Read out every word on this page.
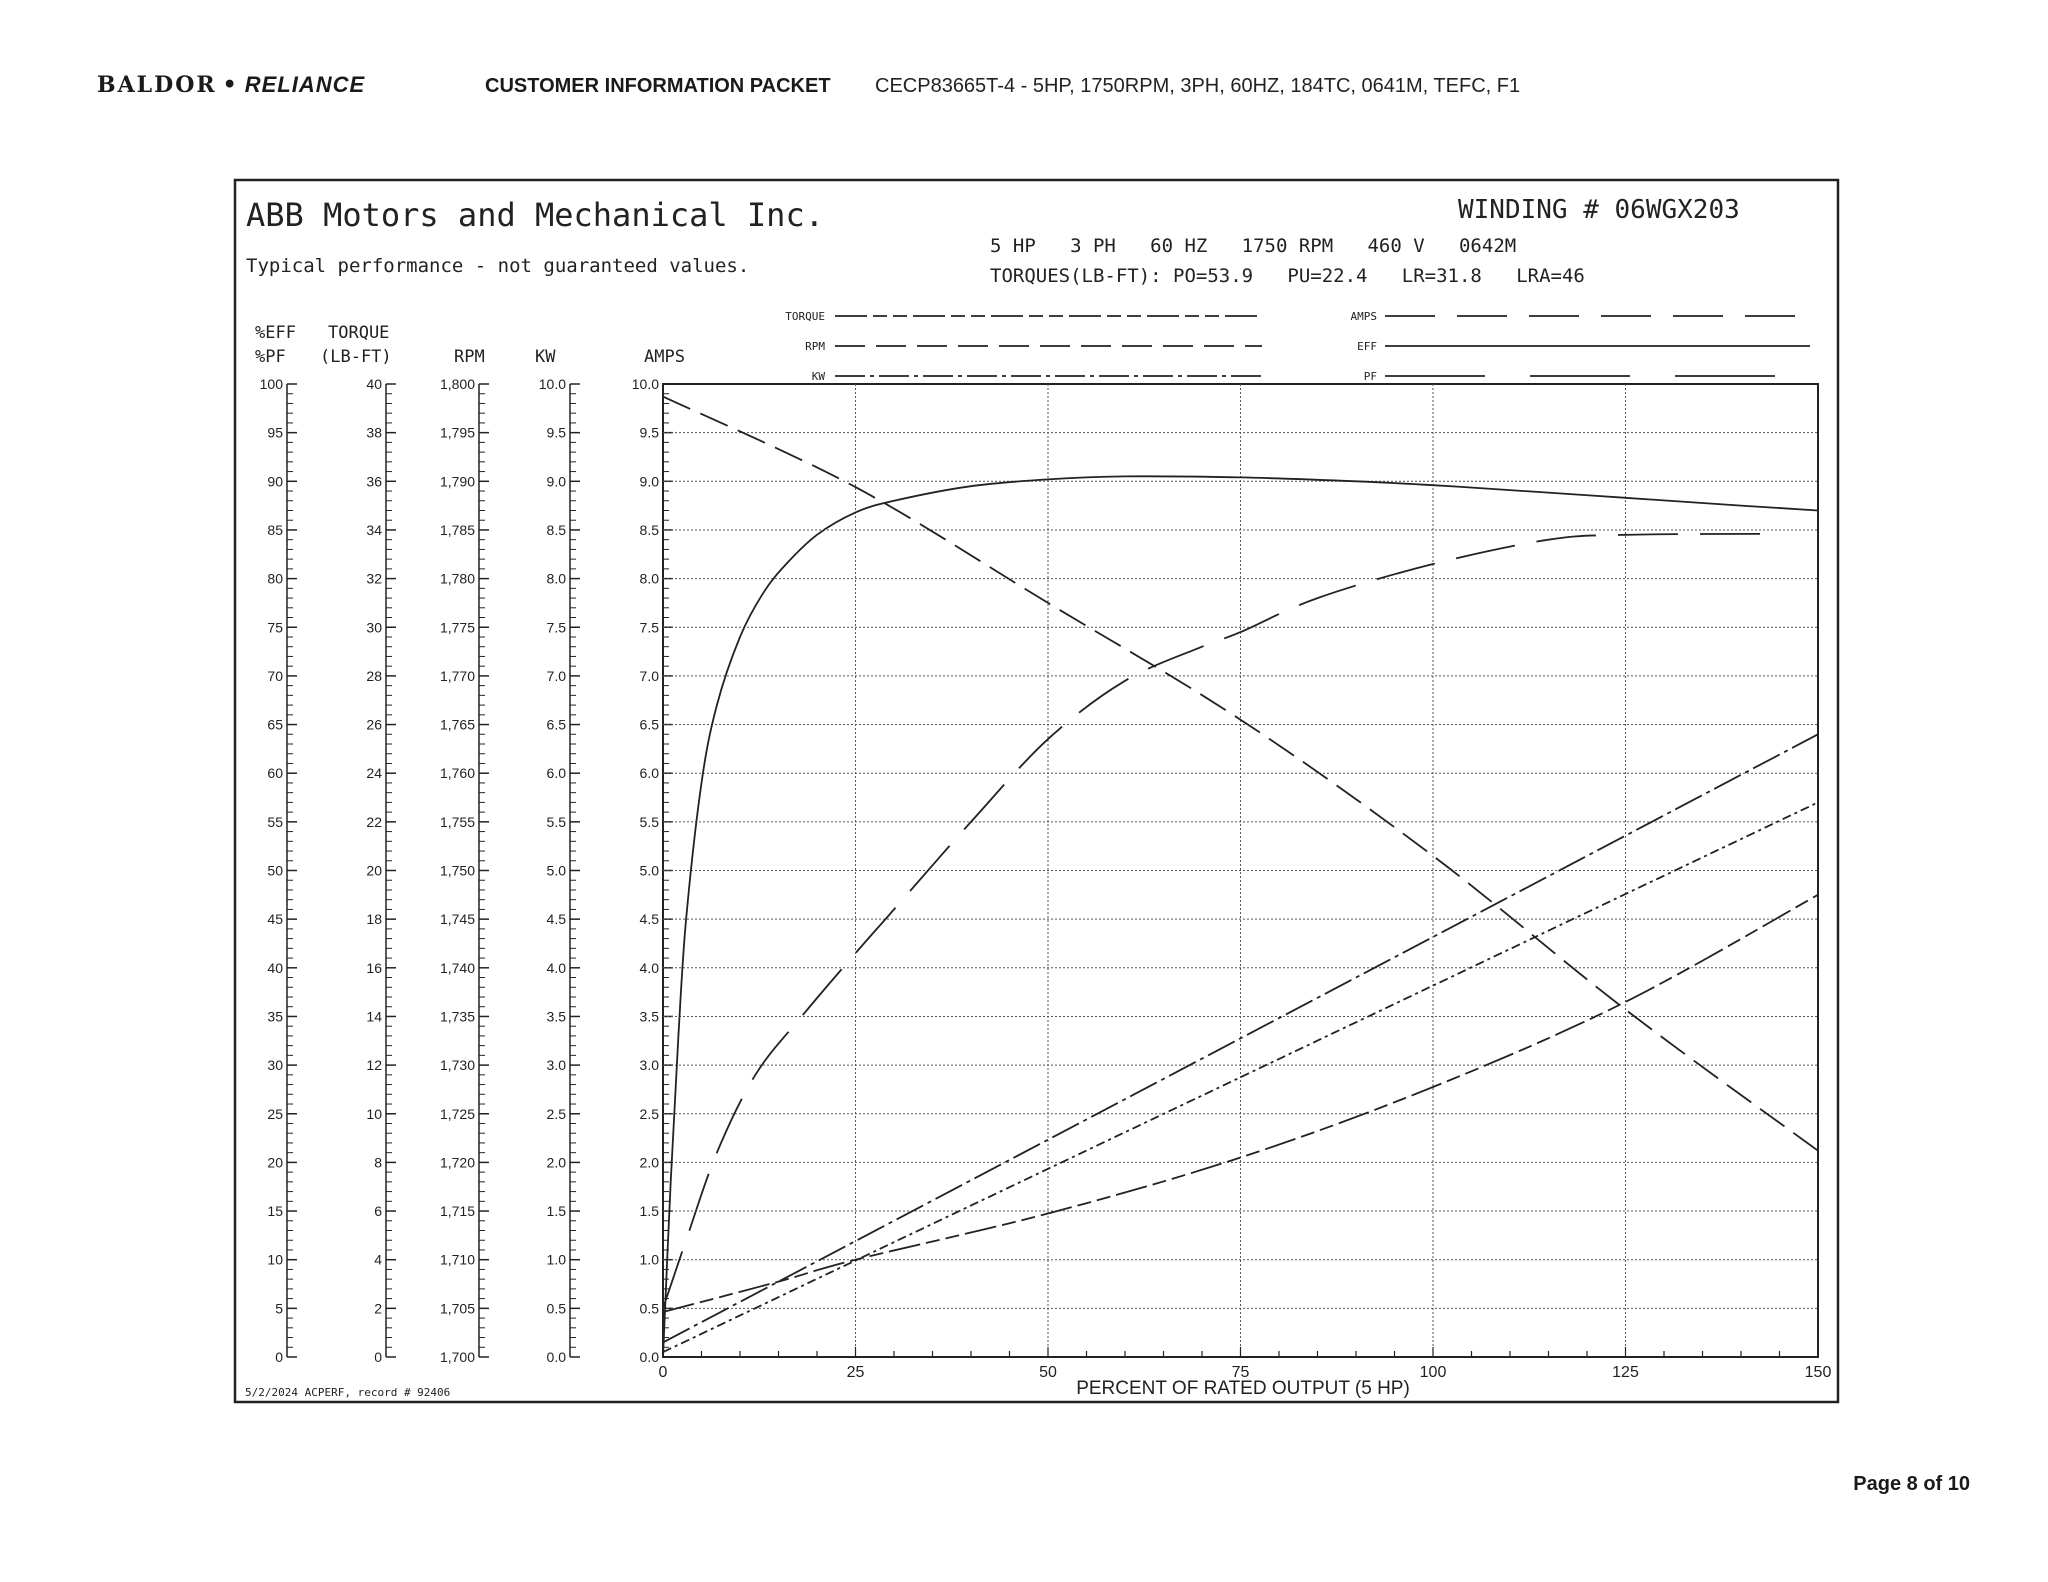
BALDOR • RELIANCE	CUSTOMER INFORMATION PACKET CECP83665T-4 - 5HP, 1750RPM, 3PH, 60HZ, 184TC, 0641M, TEFC, F1
ABB Motors and Mechanical Inc.
Typical performance - not guaranteed values.
WINDING # 06WGX203
5 HP   3 PH   60 HZ   1750 RPM   460 V   0642M
TORQUES(LB-FT): PO=53.9   PU=22.4   LR=31.8   LRA=46
5/2/2024 ACPERF, record # 92406	PERCENT OF RATED OUTPUT (5 HP)
0
5
10
15
20
25
30
35
40
45
50
55
60
65
70
75
80
85
90
95
100
%EFF
%PF
0
2
4
6
8
10
12
14
16
18
20
22
24
26
28
30
32
34
36
38
40
TORQUE
(LB-FT)
1,700
1,705
1,710
1,715
1,720
1,725
1,730
1,735
1,740
1,745
1,750
1,755
1,760
1,765
1,770
1,775
1,780
1,785
1,790
1,795
1,800
RPM
0.0
0.5
1.0
1.5
2.0
2.5
3.0
3.5
4.0
4.5
5.0
5.5
6.0
6.5
7.0
7.5
8.0
8.5
9.0
9.5
10.0
KW
0.0
0.5
1.0
1.5
2.0
2.5
3.0
3.5
4.0
4.5
5.0
5.5
6.0
6.5
7.0
7.5
8.0
8.5
9.0
9.5
10.0
AMPS
TORQUE
RPM
KW
AMPS
EFF
PF
0	25	50	75	100	125	150
Page 8 of 10
